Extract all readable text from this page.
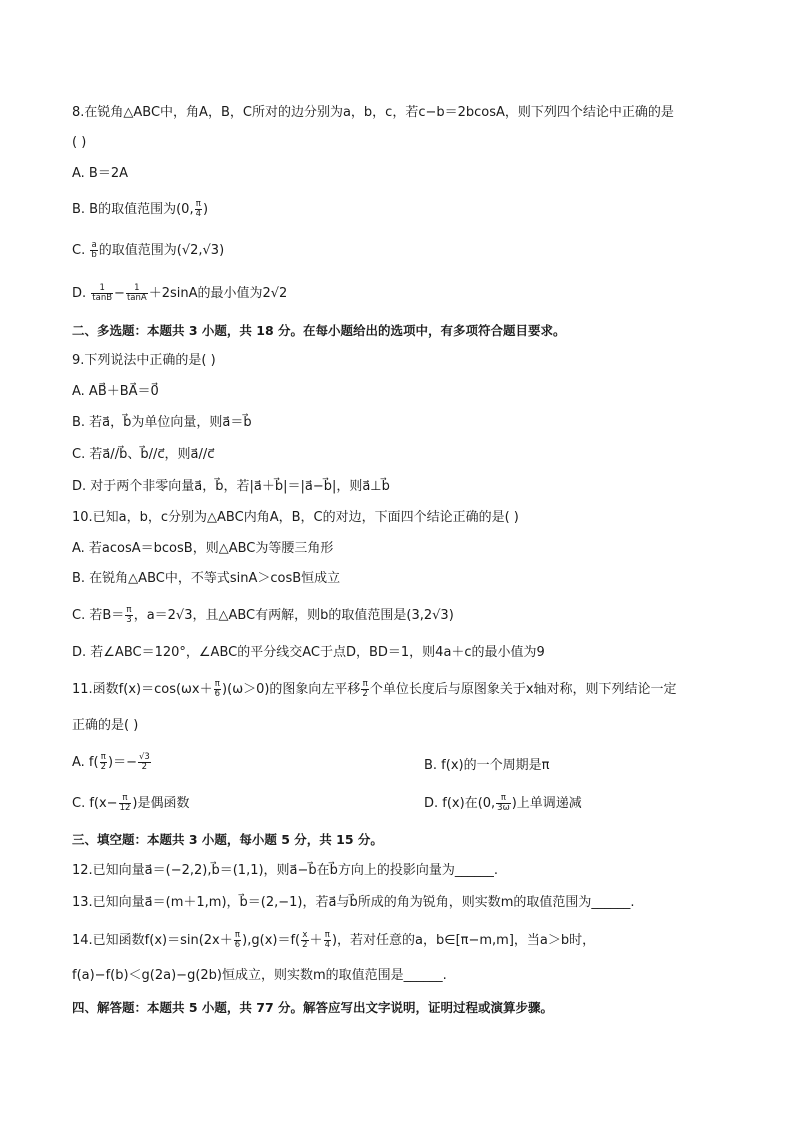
8.在锐角△ABC中，角A，B，C所对的边分别为a，b，c，若c−b＝2bcosA，则下列四个结论中正确的是
( )
A. B＝2A
B. B的取值范围为(0, $\frac{\pi}{4}$ )
C. $\frac{a}{b}$ 的取值范围为(√2,√3)
D. $\frac{1}{\tan B} - \frac{1}{\tan A} +2\sin A$的最小值为2√2
二、多选题：本题共 3 小题，共 18 分。在每小题给出的选项中，有多项符合题目要求。
9.下列说法中正确的是( )
A. AB⃗＋BA⃗＝0⃗
B. 若a⃗，b⃗为单位向量，则a⃗＝b⃗
C. 若a⃗//b⃗、b⃗//c⃗，则a⃗//c⃗
D. 对于两个非零向量a⃗，b⃗，若|a⃗＋b⃗|＝|a⃗−b⃗|，则a⃗⊥b⃗
10.已知a，b，c分别为△ABC内角A，B，C的对边，下面四个结论正确的是( )
A. 若acosA＝bcosB，则△ABC为等腰三角形
B. 在锐角△ABC中，不等式sinA＞cosB恒成立
C. 若$B= \frac{\pi}{3}$ ，a＝2√3，且△ABC有两解，则b的取值范围是(3,2√3)
D. 若∠ABC＝120°，∠ABC的平分线交AC于点D，BD＝1，则4a＋c的最小值为9
11.函数$f(x)=\cos(\omega x+ \frac{\pi}{6} )(\omega>0)$的图象向左平移 $\frac{\pi}{2}$ 个单位长度后与原图象关于x轴对称，则下列结论一定
正确的是( )
A. $f( \frac{\pi}{2}$ )＝− $\frac{√3}{2}$	B. f(x)的一个周期是π
C. $f(x- \frac{\pi}{12}$ )是偶函数	D. f(x)在(0, $\frac{\pi}{3\omega}$ )上单调递减
三、填空题：本题共 3 小题，每小题 5 分，共 15 分。
12.已知向量a⃗＝(−2,2),b⃗＝(1,1)，则a⃗−b⃗在b⃗方向上的投影向量为______.
13.已知向量a⃗＝(m＋1,m)，b⃗＝(2,−1)，若a⃗与b⃗所成的角为锐角，则实数m的取值范围为______.
14.已知函数$f(x)=\sin(2x+ \frac{\pi}{6} ),g(x)=f( \frac{x}{2} + \frac{\pi}{4}$ )，若对任意的a，b∈[π−m,m]，当a＞b时，
f(a)−f(b)＜g(2a)−g(2b)恒成立，则实数m的取值范围是______.
四、解答题：本题共 5 小题，共 77 分。解答应写出文字说明，证明过程或演算步骤。
